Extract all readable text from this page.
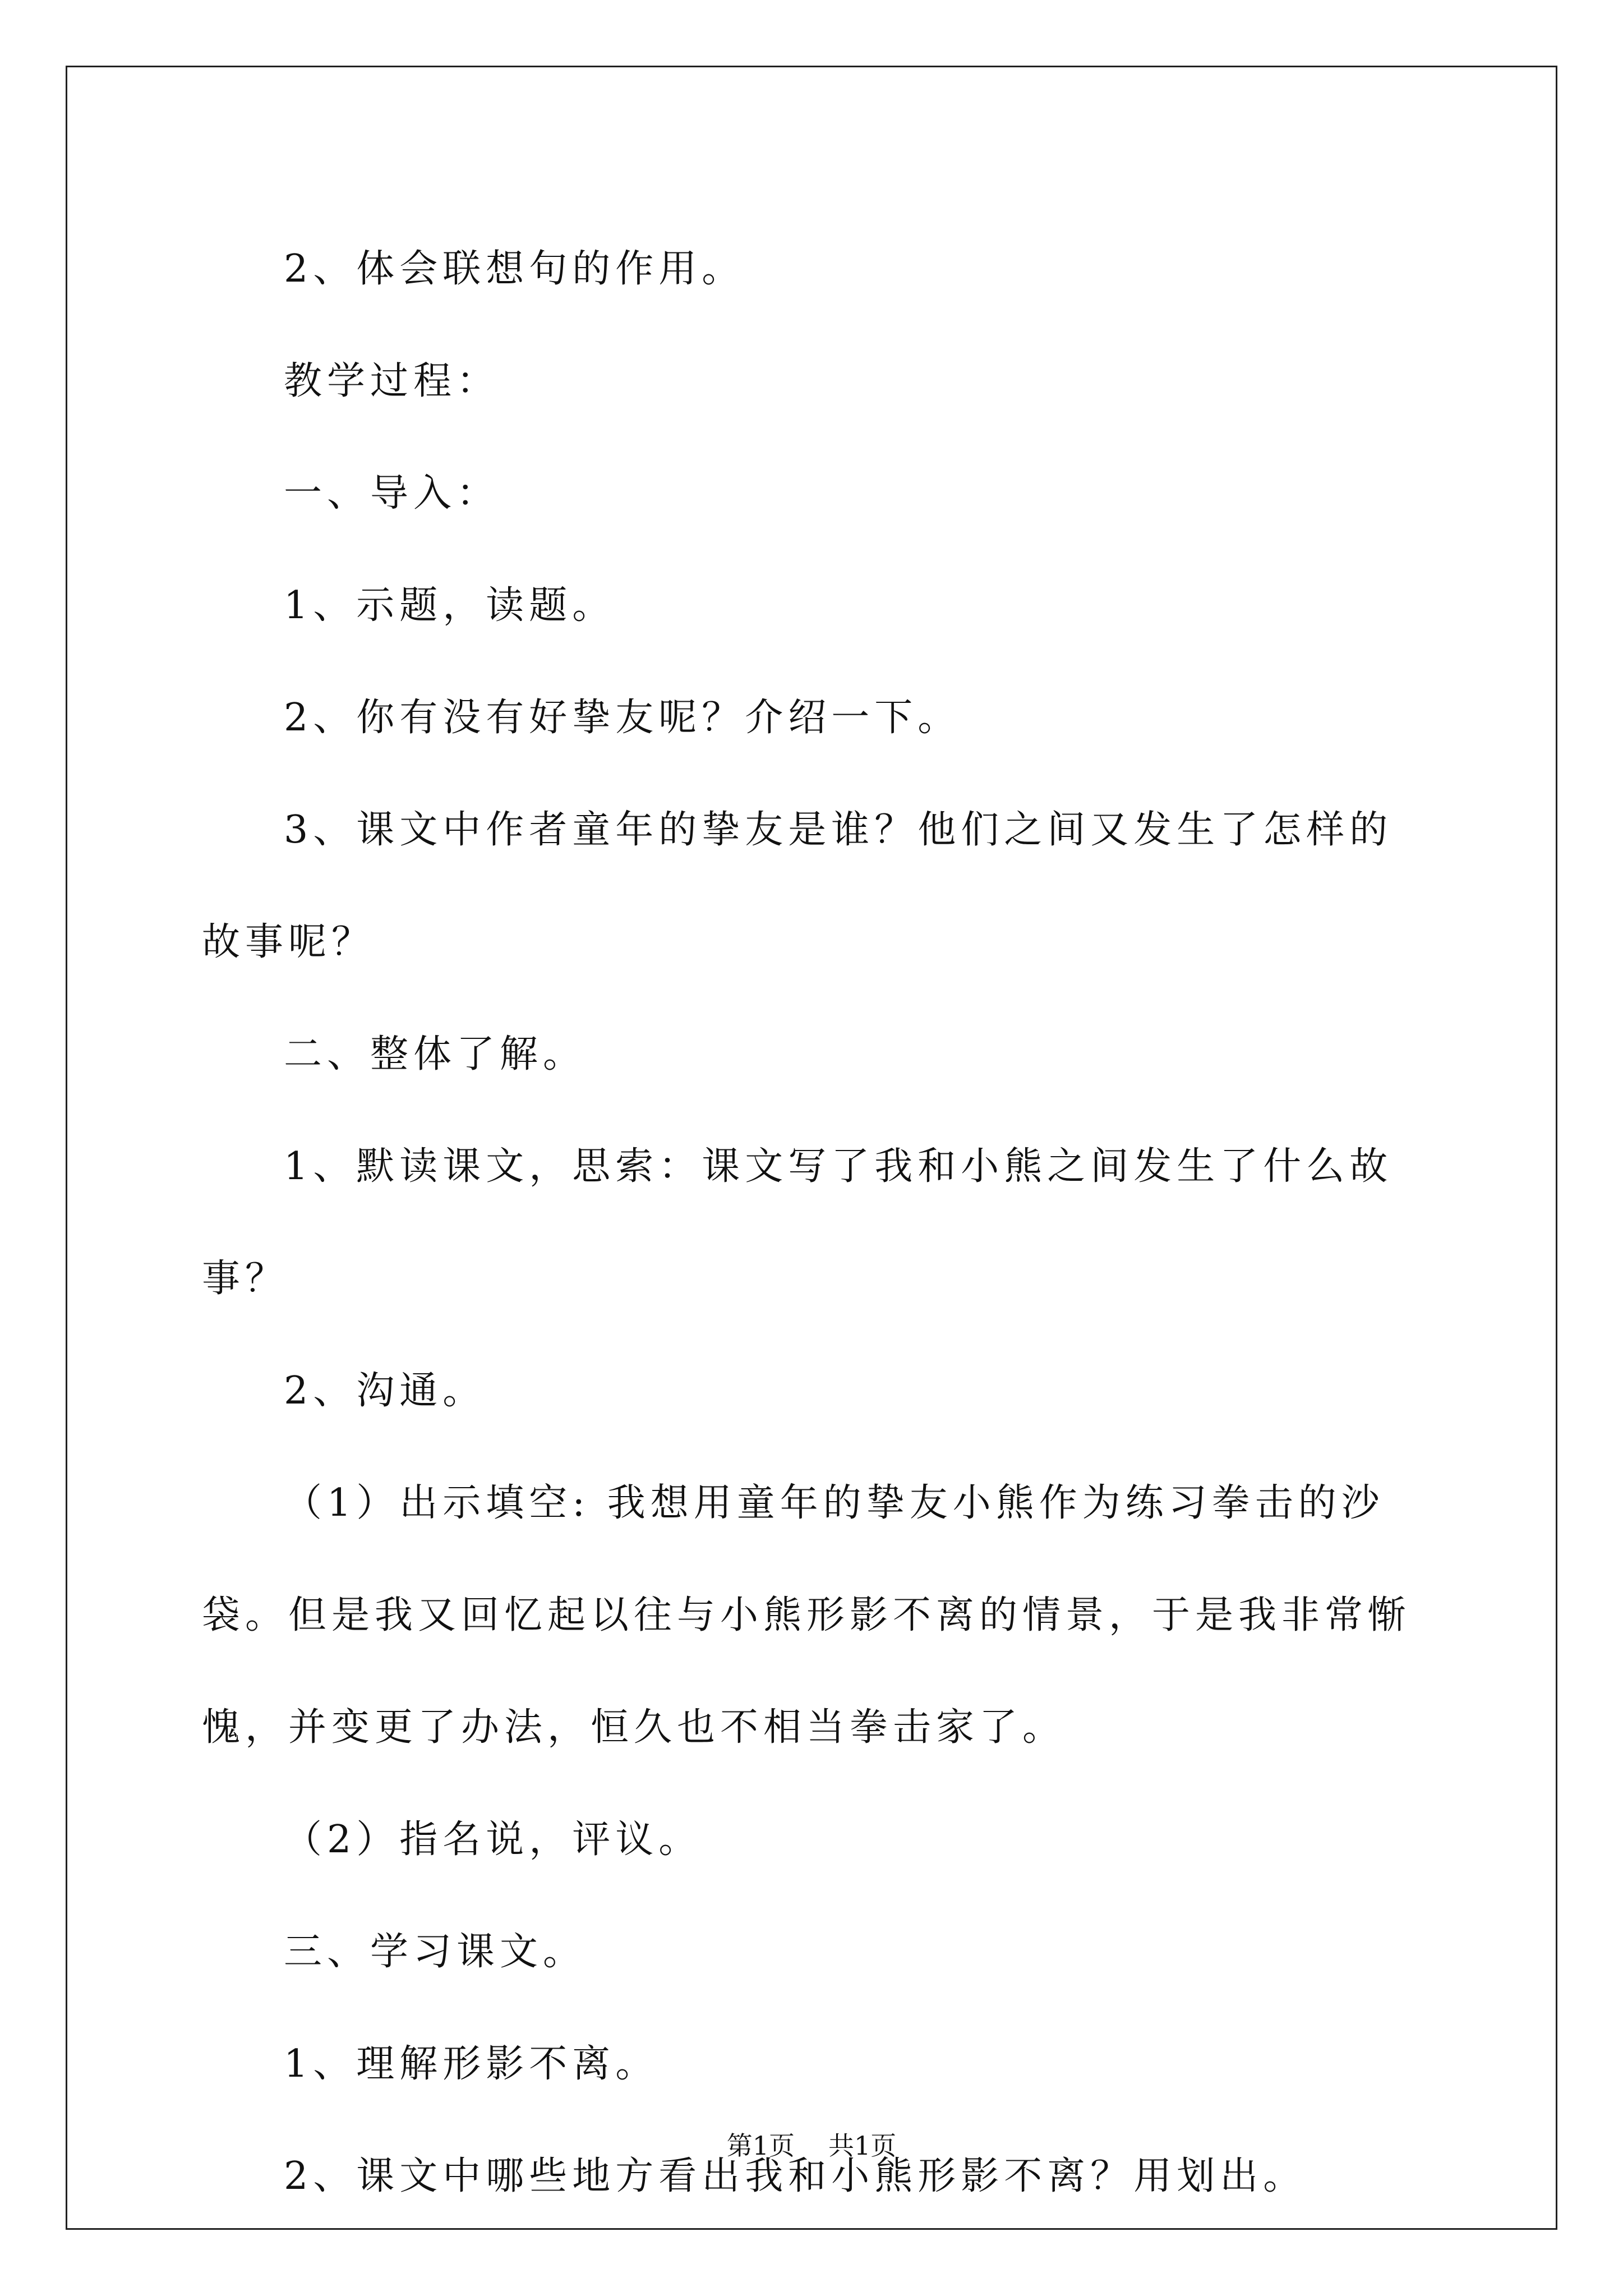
2、体会联想句的作用。

教学过程：

一、导入：

1、示题，读题。

2、你有没有好挚友呢？介绍一下。

3、课文中作者童年的挚友是谁？他们之间又发生了怎样的故事呢？

二、整体了解。

1、默读课文，思索：课文写了我和小熊之间发生了什么故事？

2、沟通。

（1）出示填空: 我想用童年的挚友小熊作为练习拳击的沙袋。但是我又回忆起以往与小熊形影不离的情景，于是我非常惭愧，并变更了办法，恒久也不相当拳击家了。

（2）指名说，评议。

三、学习课文。

1、理解形影不离。

2、课文中哪些地方看出我和小熊形影不离？用划出。

第1页 共1页
